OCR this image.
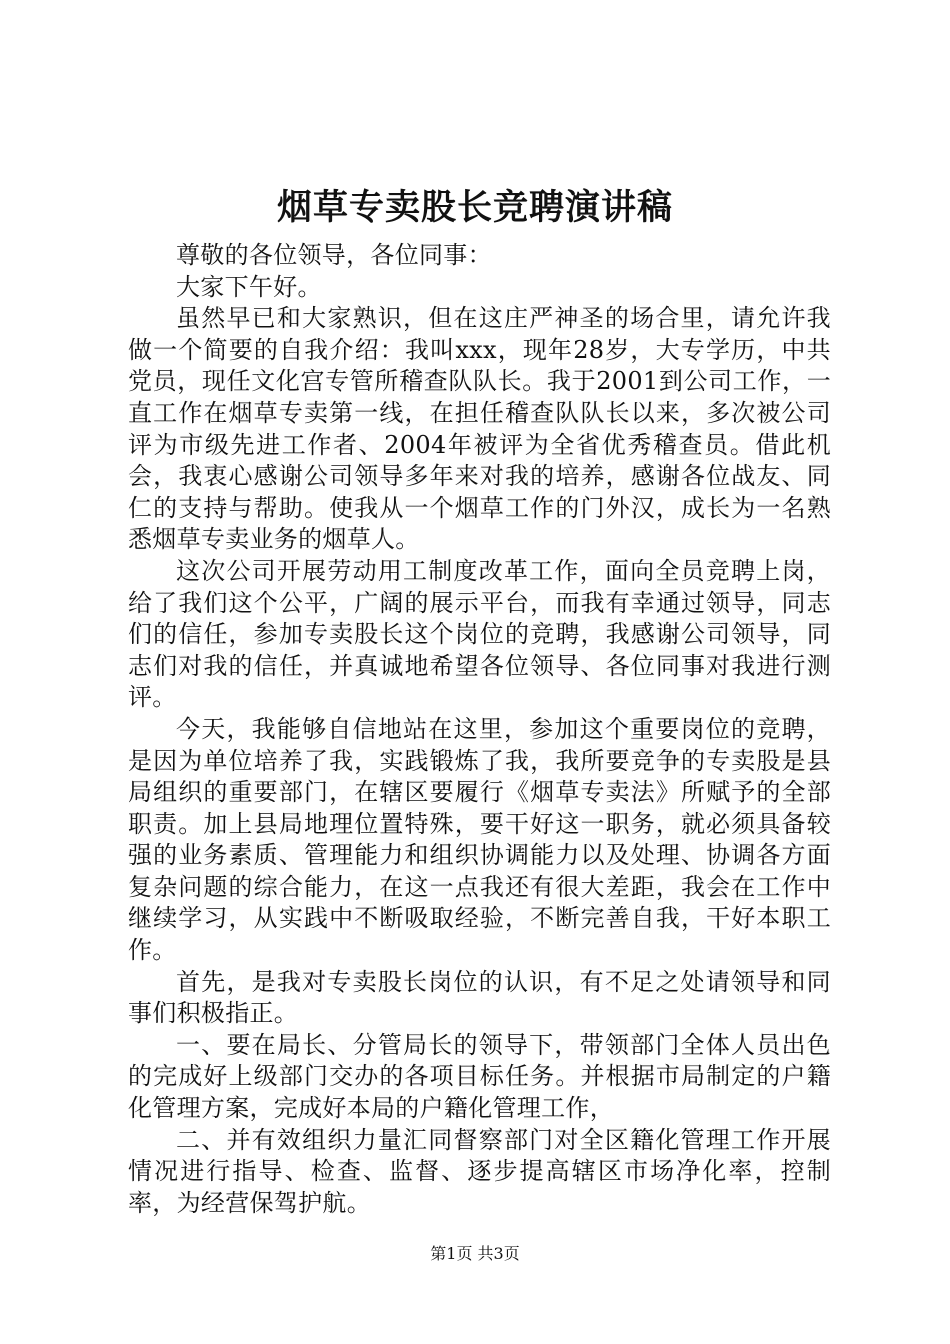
烟草专卖股长竞聘演讲稿

尊敬的各位领导，各位同事：

大家下午好。

虽然早已和大家熟识，但在这庄严神圣的场合里，请允许我做一个简要的自我介绍：我叫xxx，现年28岁，大专学历，中共党员，现任文化宫专管所稽查队队长。我于2001到公司工作，一直工作在烟草专卖第一线，在担任稽查队队长以来，多次被公司评为市级先进工作者、2004年被评为全省优秀稽查员。借此机会，我衷心感谢公司领导多年来对我的培养，感谢各位战友、同仁的支持与帮助。使我从一个烟草工作的门外汉，成长为一名熟悉烟草专卖业务的烟草人。

这次公司开展劳动用工制度改革工作，面向全员竞聘上岗，给了我们这个公平，广阔的展示平台，而我有幸通过领导，同志们的信任，参加专卖股长这个岗位的竞聘，我感谢公司领导，同志们对我的信任，并真诚地希望各位领导、各位同事对我进行测评。

今天，我能够自信地站在这里，参加这个重要岗位的竞聘，是因为单位培养了我，实践锻炼了我，我所要竞争的专卖股是县局组织的重要部门，在辖区要履行《烟草专卖法》所赋予的全部职责。加上县局地理位置特殊，要干好这一职务，就必须具备较强的业务素质、管理能力和组织协调能力以及处理、协调各方面复杂问题的综合能力，在这一点我还有很大差距，我会在工作中继续学习，从实践中不断吸取经验，不断完善自我，干好本职工作。

首先，是我对专卖股长岗位的认识，有不足之处请领导和同事们积极指正。

一、要在局长、分管局长的领导下，带领部门全体人员出色的完成好上级部门交办的各项目标任务。并根据市局制定的户籍化管理方案，完成好本局的户籍化管理工作，

二、并有效组织力量汇同督察部门对全区籍化管理工作开展情况进行指导、检查、监督、逐步提高辖区市场净化率，控制率，为经营保驾护航。

第1页 共3页
